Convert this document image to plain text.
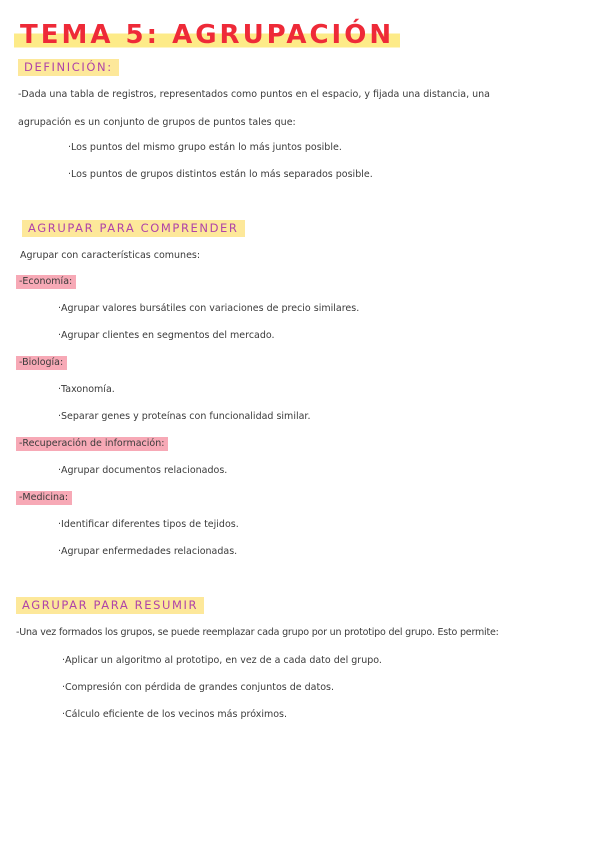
TEMA 5: AGRUPACIÓN
DEFINICIÓN:
-Dada una tabla de registros, representados como puntos en el espacio, y fijada una distancia, una
agrupación es un conjunto de grupos de puntos tales que:
·Los puntos del mismo grupo están lo más juntos posible.
·Los puntos de grupos distintos están lo más separados posible.
AGRUPAR PARA COMPRENDER
Agrupar con características comunes:
-Economía:
·Agrupar valores bursátiles con variaciones de precio similares.
·Agrupar clientes en segmentos del mercado.
-Biología:
·Taxonomía.
·Separar genes y proteínas con funcionalidad similar.
-Recuperación de información:
·Agrupar documentos relacionados.
-Medicina:
·Identificar diferentes tipos de tejidos.
·Agrupar enfermedades relacionadas.
AGRUPAR PARA RESUMIR
-Una vez formados los grupos, se puede reemplazar cada grupo por un prototipo del grupo. Esto permite:
·Aplicar un algoritmo al prototipo, en vez de a cada dato del grupo.
·Compresión con pérdida de grandes conjuntos de datos.
·Cálculo eficiente de los vecinos más próximos.
